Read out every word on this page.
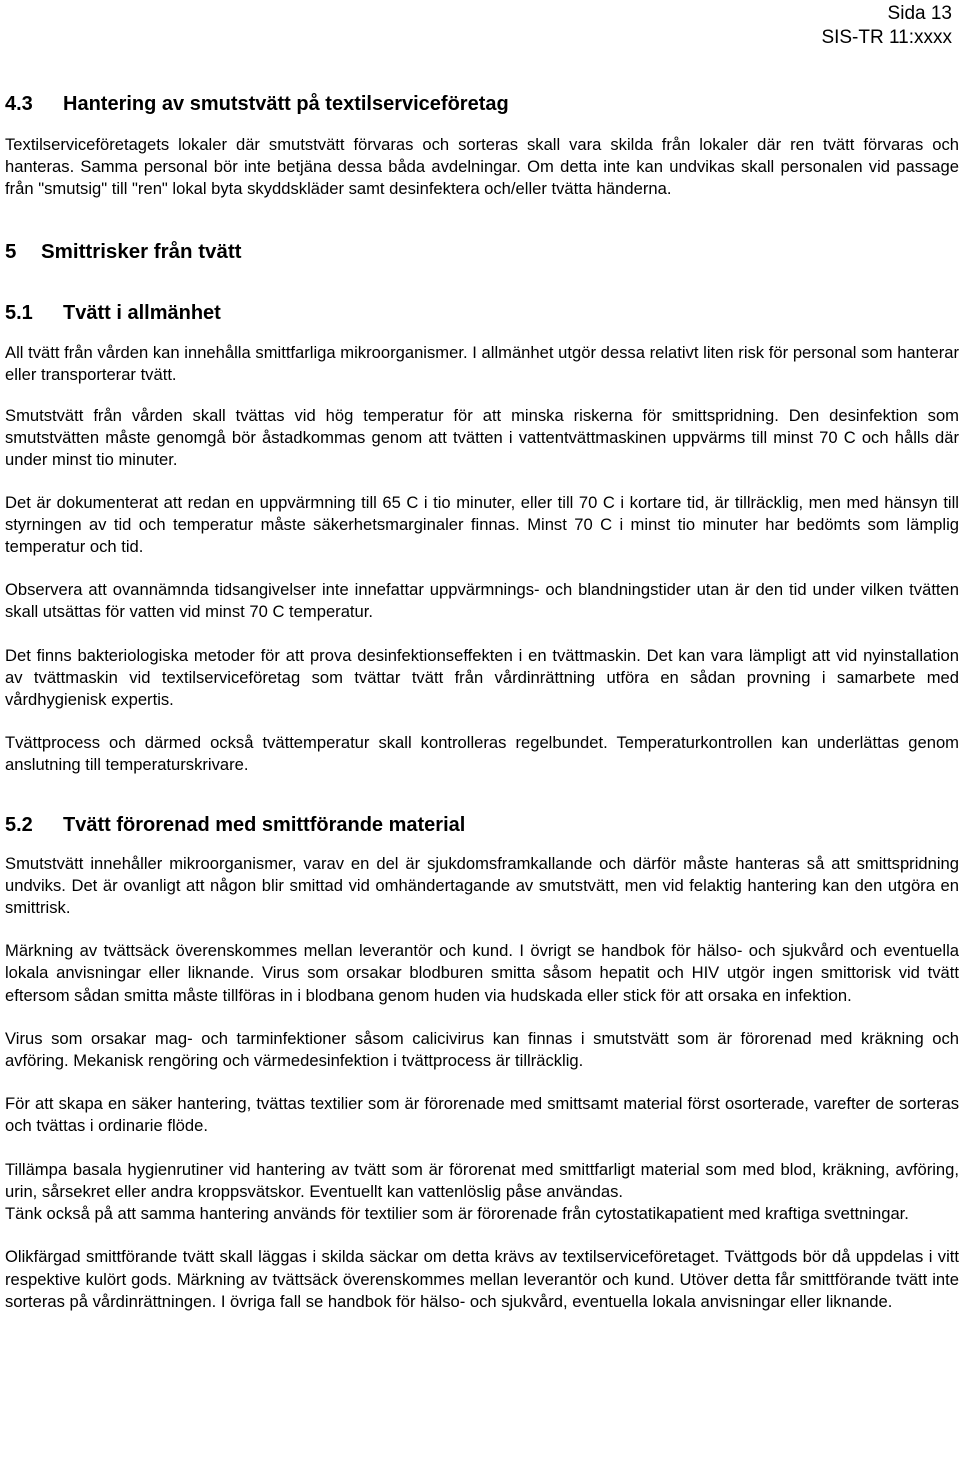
Sida 13
SIS-TR 11:xxxx
4.3 Hantering av smutstvätt på textilserviceföretag

Textilserviceföretagets lokaler där smutstvätt förvaras och sorteras skall vara skilda från lokaler där ren tvätt förvaras och hanteras. Samma personal bör inte betjäna dessa båda avdelningar. Om detta inte kan undvikas skall personalen vid passage från "smutsig" till "ren" lokal byta skyddskläder samt desinfektera och/eller tvätta händerna.

5 Smittrisker från tvätt
5.1 Tvätt i allmänhet

All tvätt från vården kan innehålla smittfarliga mikroorganismer. I allmänhet utgör dessa relativt liten risk för personal som hanterar eller transporterar tvätt.

Smutstvätt från vården skall tvättas vid hög temperatur för att minska riskerna för smittspridning. Den desinfektion som smutstvätten måste genomgå bör åstadkommas genom att tvätten i vattentvättmaskinen uppvärms till minst 70 C och hålls där under minst tio minuter.

Det är dokumenterat att redan en uppvärmning till 65 C i tio minuter, eller till 70 C i kortare tid, är tillräcklig, men med hänsyn till styrningen av tid och temperatur måste säkerhetsmarginaler finnas. Minst 70 C i minst tio minuter har bedömts som lämplig temperatur och tid.

Observera att ovannämnda tidsangivelser inte innefattar uppvärmnings- och blandningstider utan är den tid under vilken tvätten skall utsättas för vatten vid minst 70 C temperatur.

Det finns bakteriologiska metoder för att prova desinfektionseffekten i en tvättmaskin. Det kan vara lämpligt att vid nyinstallation av tvättmaskin vid textilserviceföretag som tvättar tvätt från vårdinrättning utföra en sådan provning i samarbete med vårdhygienisk expertis.

Tvättprocess och därmed också tvättemperatur skall kontrolleras regelbundet. Temperaturkontrollen kan underlättas genom anslutning till temperaturskrivare.

5.2 Tvätt förorenad med smittförande material

Smutstvätt innehåller mikroorganismer, varav en del är sjukdomsframkallande och därför måste hanteras så att smittspridning undviks. Det är ovanligt att någon blir smittad vid omhändertagande av smutstvätt, men vid felaktig hantering kan den utgöra en smittrisk.

Märkning av tvättsäck överenskommes mellan leverantör och kund. I övrigt se handbok för hälso- och sjukvård och eventuella lokala anvisningar eller liknande. Virus som orsakar blodburen smitta såsom hepatit och HIV utgör ingen smittorisk vid tvätt eftersom sådan smitta måste tillföras in i blodbana genom huden via hudskada eller stick för att orsaka en infektion.

Virus som orsakar mag- och tarminfektioner såsom calicivirus kan finnas i smutstvätt som är förorenad med kräkning och avföring. Mekanisk rengöring och värmedesinfektion i tvättprocess är tillräcklig.

För att skapa en säker hantering, tvättas textilier som är förorenade med smittsamt material först osorterade, varefter de sorteras och tvättas i ordinarie flöde.

Tillämpa basala hygienrutiner vid hantering av tvätt som är förorenat med smittfarligt material som med blod, kräkning, avföring, urin, sårsekret eller andra kroppsvätskor. Eventuellt kan vattenlöslig påse användas.

Tänk också på att samma hantering används för textilier som är förorenade från cytostatikapatient med kraftiga svettningar.

Olikfärgad smittförande tvätt skall läggas i skilda säckar om detta krävs av textilserviceföretaget. Tvättgods bör då uppdelas i vitt respektive kulört gods. Märkning av tvättsäck överenskommes mellan leverantör och kund. Utöver detta får smittförande tvätt inte sorteras på vårdinrättningen. I övriga fall se handbok för hälso- och sjukvård, eventuella lokala anvisningar eller liknande.
